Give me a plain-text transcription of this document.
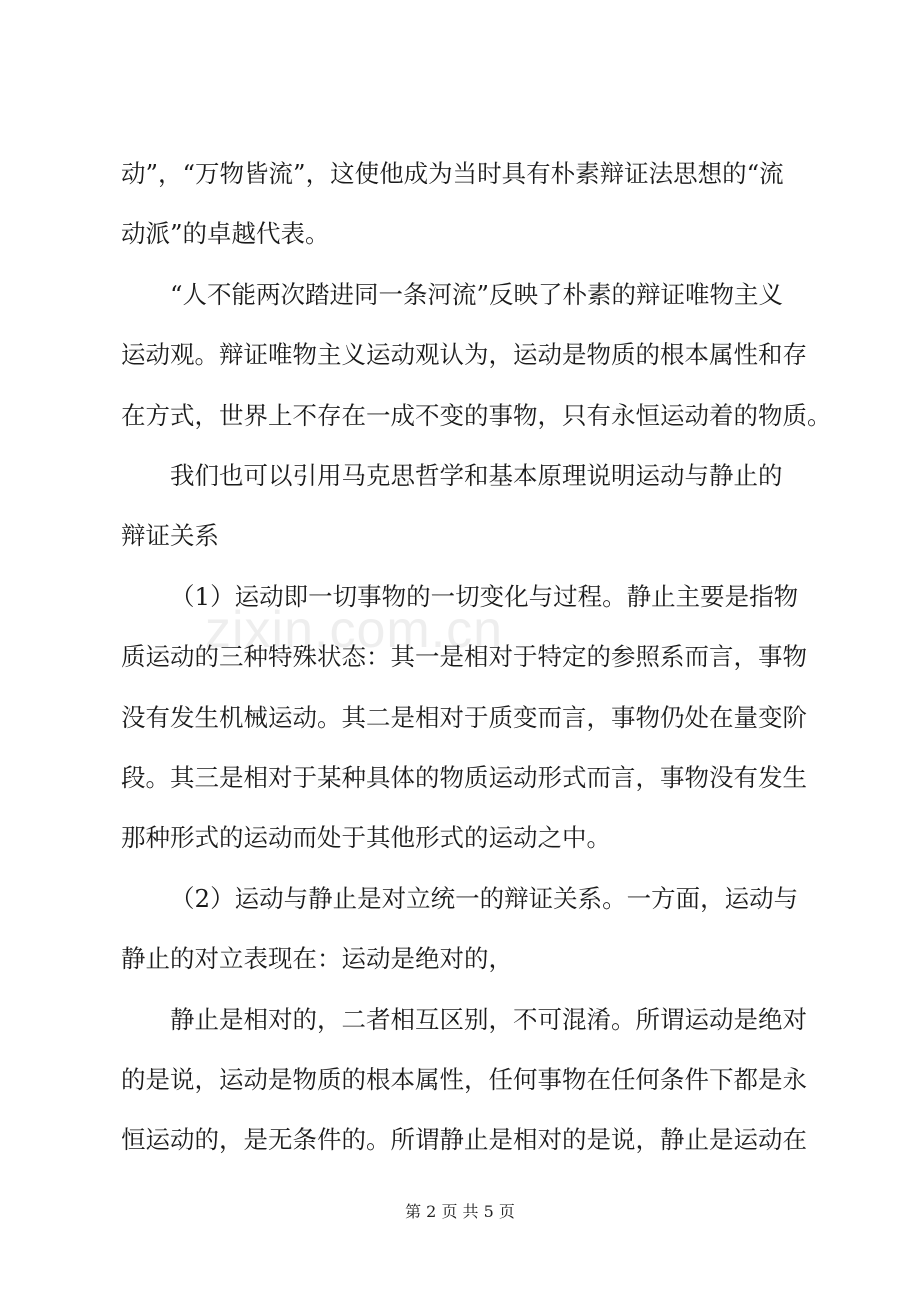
zixin.com.cn
动”，“万物皆流”，这使他成为当时具有朴素辩证法思想的“流
动派”的卓越代表。
“人不能两次踏进同一条河流”反映了朴素的辩证唯物主义
运动观。辩证唯物主义运动观认为，运动是物质的根本属性和存
在方式，世界上不存在一成不变的事物，只有永恒运动着的物质。
我们也可以引用马克思哲学和基本原理说明运动与静止的
辩证关系
（1）运动即一切事物的一切变化与过程。静止主要是指物
质运动的三种特殊状态：其一是相对于特定的参照系而言，事物
没有发生机械运动。其二是相对于质变而言，事物仍处在量变阶
段。其三是相对于某种具体的物质运动形式而言，事物没有发生
那种形式的运动而处于其他形式的运动之中。
（2）运动与静止是对立统一的辩证关系。一方面，运动与
静止的对立表现在：运动是绝对的，
静止是相对的，二者相互区别，不可混淆。所谓运动是绝对
的是说，运动是物质的根本属性，任何事物在任何条件下都是永
恒运动的，是无条件的。所谓静止是相对的是说，静止是运动在
第 2 页 共 5 页
